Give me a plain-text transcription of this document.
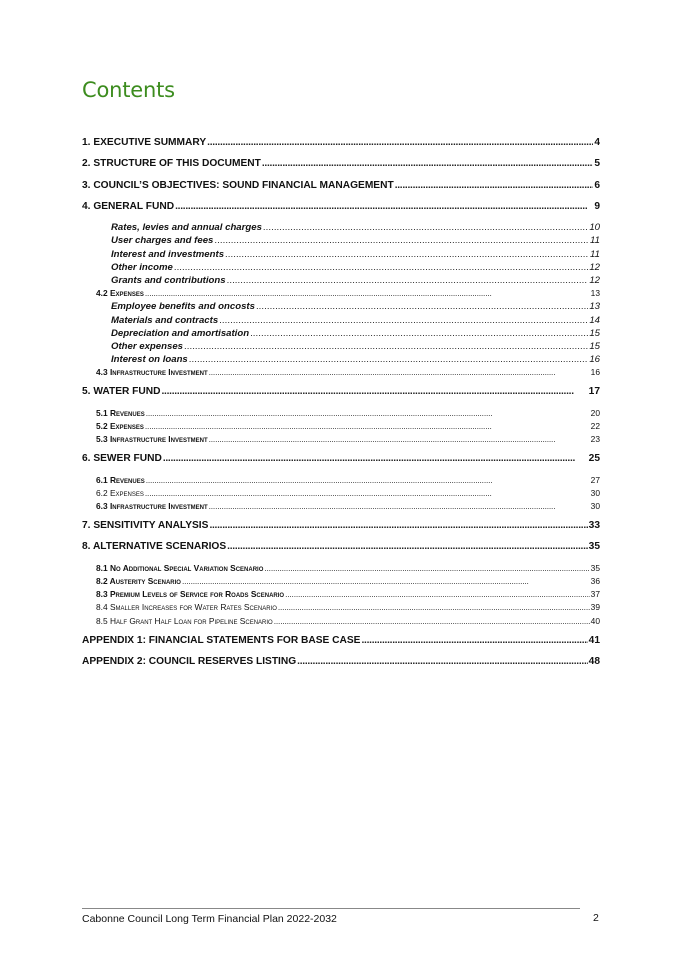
Contents
1. EXECUTIVE SUMMARY . . .	4
2. STRUCTURE OF THIS DOCUMENT . . .	5
3. COUNCIL’S OBJECTIVES: SOUND FINANCIAL MANAGEMENT . . .	6
4. GENERAL FUND . . .	9
Rates, levies and annual charges . . .	10
User charges and fees . . .	11
Interest and investments . . .	11
Other income . . .	12
Grants and contributions . . .	12
4.2 Expenses . . .	13
Employee benefits and oncosts . . .	13
Materials and contracts . . .	14
Depreciation and amortisation . . .	15
Other expenses . . .	15
Interest on loans . . .	16
4.3 Infrastructure Investment . . .	16
5. WATER FUND . . .	17
5.1 Revenues . . .	20
5.2 Expenses . . .	22
5.3 Infrastructure Investment . . .	23
6. SEWER FUND . . .	25
6.1 Revenues . . .	27
6.2 Expenses . . .	30
6.3 Infrastructure Investment . . .	30
7. SENSITIVITY ANALYSIS . . .	33
8. ALTERNATIVE SCENARIOS . . .	35
8.1 No Additional Special Variation Scenario . . .	35
8.2 Austerity Scenario . . .	36
8.3 Premium Levels of Service for Roads Scenario . . .	37
8.4 Smaller Increases for Water Rates Scenario . . .	39
8.5 Half Grant Half Loan for Pipeline Scenario . . .	40
APPENDIX 1: FINANCIAL STATEMENTS FOR BASE CASE . . .	41
APPENDIX 2: COUNCIL RESERVES LISTING . . .	48
Cabonne Council Long Term Financial Plan 2022-2032	2
